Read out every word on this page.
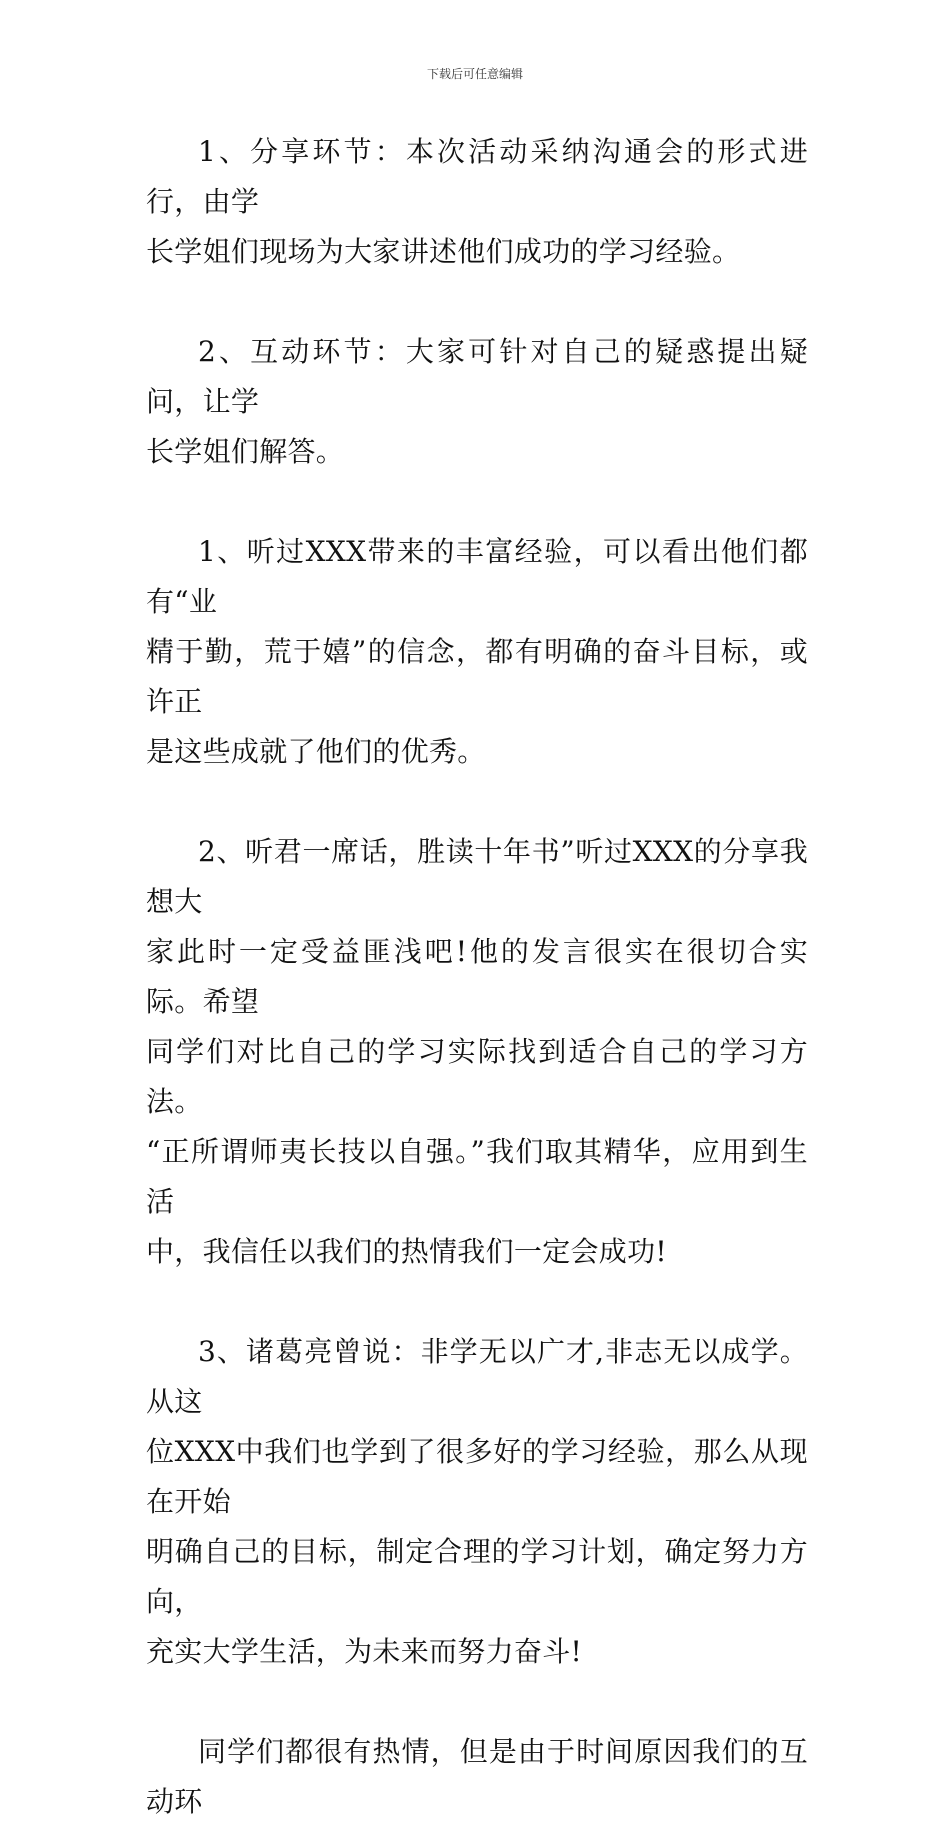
下载后可任意编辑
1、分享环节：本次活动采纳沟通会的形式进行，由学
长学姐们现场为大家讲述他们成功的学习经验。
2、互动环节：大家可针对自己的疑惑提出疑问，让学
长学姐们解答。
1、听过XXX带来的丰富经验，可以看出他们都有“业
精于勤，荒于嬉”的信念，都有明确的奋斗目标，或许正
是这些成就了他们的优秀。
2、听君一席话，胜读十年书”听过XXX的分享我想大
家此时一定受益匪浅吧!他的发言很实在很切合实际。希望
同学们对比自己的学习实际找到适合自己的学习方法。
“正所谓师夷长技以自强。”我们取其精华，应用到生活
中，我信任以我们的热情我们一定会成功!
3、诸葛亮曾说：非学无以广才,非志无以成学。从这
位XXX中我们也学到了很多好的学习经验，那么从现在开始
明确自己的目标，制定合理的学习计划，确定努力方向，
充实大学生活，为未来而努力奋斗!
同学们都很有热情，但是由于时间原因我们的互动环
